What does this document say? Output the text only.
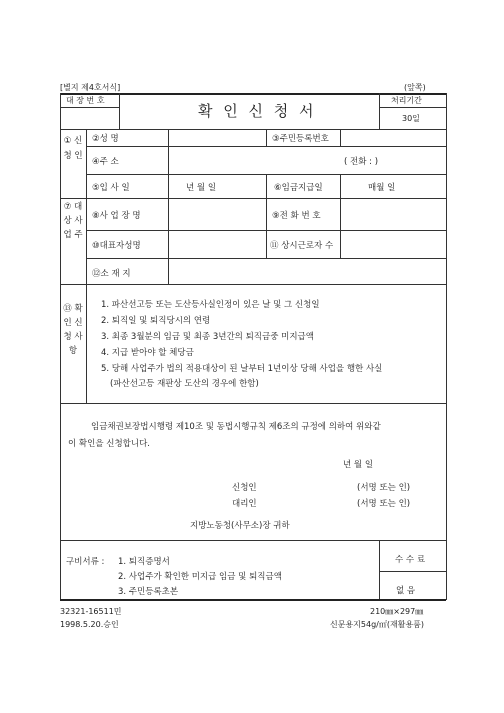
[별지 제4호서식]	(앞쪽)
대 장 번 호
확 인 신 청 서
처리기간
30일
① 신 청 인
②성 명	③주민등록번호
④주 소	( 전화 : )
⑤입 사 일	년 월 일	⑥임금지급일	매월 일
⑦ 대 상 사 업 주
⑧사 업 장 명	⑨전 화 번 호
⑩대표자성명	⑪ 상시근로자 수
⑫소 재 지
⑬ 확 인 신 청 사 항
1. 파산선고등 또는 도산등사실인정이 있은 날 및 그 신청일
2. 퇴직일 및 퇴직당시의 연령
3. 최종 3월분의 임금 및 최종 3년간의 퇴직금중 미지급액
4. 지급 받아야 할 체당금
5. 당해 사업주가 법의 적용대상이 된 날부터 1년이상 당해 사업을 행한 사실
(파산선고등 재판상 도산의 경우에 한함)
임금채권보장법시행령 제10조 및 동법시행규칙 제6조의 규정에 의하여 위와같
이 확인을 신청합니다.
년 월 일
신청인	(서명 또는 인)
대리인	(서명 또는 인)
지방노동청(사무소)장 귀하
구비서류 : 1. 퇴직증명서
2. 사업주가 확인한 미지급 임금 및 퇴직금액
3. 주민등록초본
수 수 료
없 음
32321-16511민
1998.5.20.승인
210㎜×297㎜
신문용지54g/㎡(재활용품)
